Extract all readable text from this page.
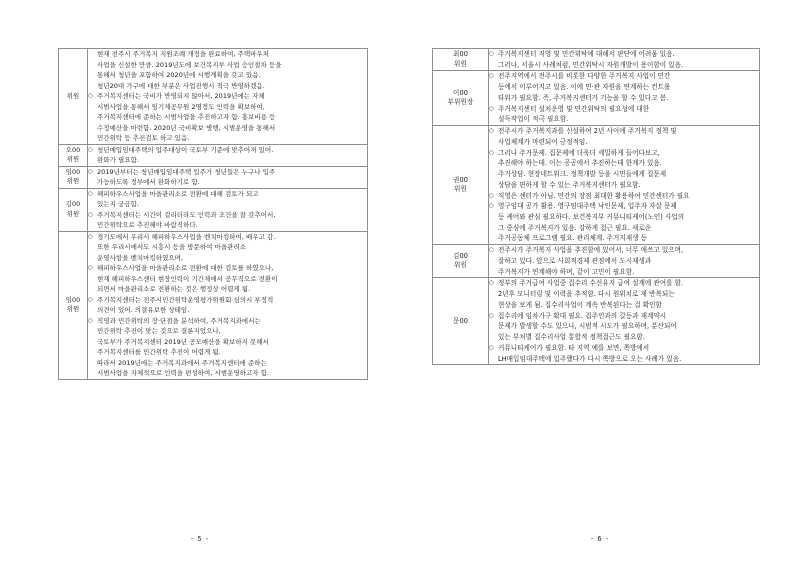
위원	
현재 전주시 주거복지 지원조례 개정을 완료하여, 주택바우처
사업을 신설한 만큼. 2019년도에 보건복지부 사업 승인절차 등을
통해서 청년을 포함하여 2020년에 시행계획을 갖고 있음.
청년20대 가구에 대한 부분은 사업진행시 적극 반영하겠음.
○ 주거복지센터는 국비가 반영되지 않아서, 2019년에는 자체
시범사업을 통해서 임기제공무원 2명정도 인력을 확보하여,
주거복지센터에 준하는 시범사업을 추진하고자 함. 홍보비용 등
수정예산을 마련함. 2020년 국비확보 병행, 시범운영을 통해서
민간위탁 등 추진검토 하고 있음.

오00
위원	
○ 청년매입임대주택의 입주대상이 국토부 기준에 맞추어져 있어.
완화가 필요함.

임00
위원	
○ 2019년부터는 청년매입임대주택 입주가 청년들은 누구나 입주
가능하도록 정부에서 완화하기로 함.

김00
위원	
○ 해피하우스사업을 마을관리소로 전환에 대해 검토가 되고
있는지 궁금함.
○ 주거복지센터는 시간이 걸리더라도 인력과 조건을 잘 갖추어서,
민간위탁으로 추진해야 바람직하다.

임00
위원	
○ 경기도에서 우리시 해피하우스사업을 벤치마킹하여, 배우고 감.
또한 우리시에서도 시흥시 등을 방문하여 마을관리소
운영사항을 벤치마킹하였으며,
○ 해피하우스사업을 마을관리소로 전환에 대한 검토를 하였으나,
현재 해피하우스센터 현장인력이 기간제에서 공무직으로 전환이
되면서 마을관리소로 전환하는 것은 행정상 어렵게 됨.
○ 주거복지센터는 전주시민간위탁운영평가위원회 심의시 부정적
의견이 있어. 의결유보한 상태임.
○ 직영과 민간위탁의 장·단점을 분석하여, 주거복지과에서는
민간위탁 추진이 맞는 것으로 결론지었으나,
국토부가 주거복지센터 2019년 공모예산을 확보하지 못해서
주거복지센터를 민간위탁 추진이 어렵게 됨.
따라서 2019년에는 주거복지과에서 주거복지센터에 준하는
시범사업을 자체적으로 인력을 편성하여, 시범운영하고자 함.
- 5 -
최00
위원	
○ 주거복지센터 직영 및 민간위탁에 대해서 판단에 어려움 있음.
그러나, 서울시 사례처럼, 민간위탁시 자원개발이 용이함이 있음.

이00
부위원장	
○ 전주지역에서 전주시를 비롯한 다양한 주거복지 사업이 민간
등에서 이루어지고 있음. 이에 민·관 자원을 연계하는 컨트롤
타워가 필요함. 즉, 주거복지센터가 기능을 할 수 있다고 봄.
○ 주거복지센터 설치운영 및 민간위탁의 필요성에 대한
설득작업이 적극 필요함.

권00
위원	
○ 전주시가 주거복지과를 신설하여 2년 사이에 주거복지 정책 및
사업체계가 마련되어 긍정적임.
○ 그러나 주거문제. 집문제에 더욱더 세밀하게 들어다보고,
추진해야 하는데. 이는 공공에서 추진하는데 한계가 있음.
주거상담. 현장네트워크. 정책개발 등을 시민들에게 집문제
상담을 편하게 할 수 있는 주거복지센터가 필요함.
○ 직영은 센터가 아님. 민간의 장점 최대한 활용하여 민간센터가 필요
○ 영구임대 공가 활용. 영구임대주택 낙인문제, 입주자 자살 문제
등 케어와 관심 필요하다. 보건복지부 커뮤니티케어(노인) 사업의
그 중심에 주거복지가 있음. 강하게 접근 필요. 새로운
주거공동체 프로그램 필요. 관리체계. 주거지재생 등

김00
위원	
○ 전주시가 주거복지 사업을 추진함에 있어서, 너무 애쓰고 있으며,
잘하고 있다. 앞으로 사회적경제 관점에서 도시재생과
주거복지가 연계해야 하며, 같이 고민이 필요함.

문00	
○ 정부의 주거급여 사업중 집수리 수선유지 급여 설계에 관여를 함.
2년후 모니터링 및 이력을 추적함. 다시 원위치로 재 반복되는
현상을 보게 됨. 집수리사업이 계속 반복된다는 걸 확인함
○ 집수리에 임차가구 확대 필요. 집주인과의 갈등과 재계약시
문제가 발생할 수도 있으나, 시범적 시도가 필요하며, 분산되어
있는 부처별 집수리사업 통합적 정책접근도 필요함.
○ 커뮤니티케어가 필요함. 타 지역 예를 보면, 쪽방에서
LH매입임대주택에 입주했다가 다시 쪽방으로 오는 사례가 있음.
- 6 -
